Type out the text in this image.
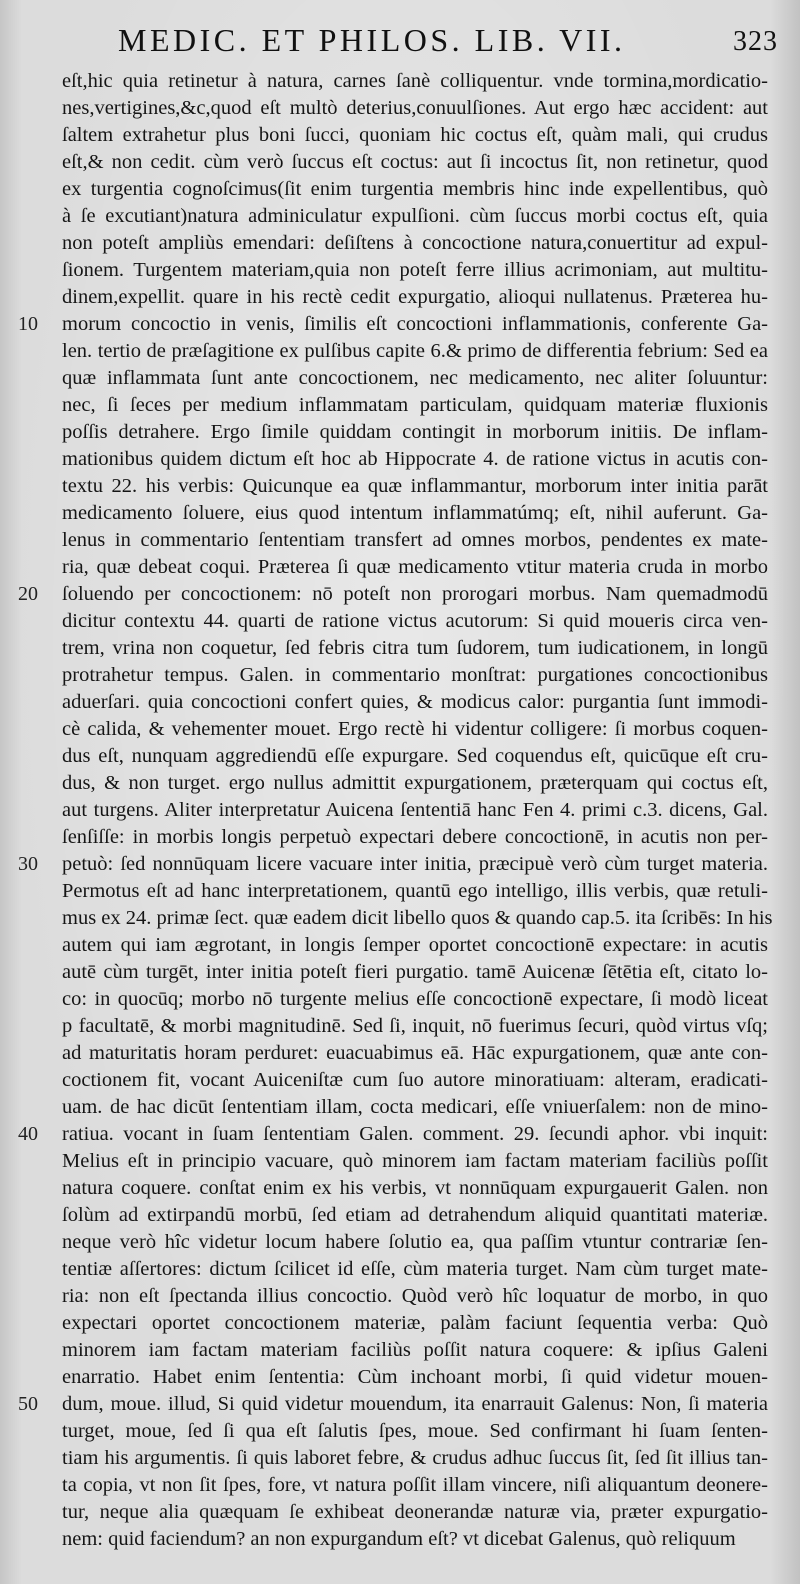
MEDIC. ET PHILOS. LIB. VII.	323
eſt,hic quia retinetur à natura, carnes ſanè colliquentur. vnde tormina,mordicatio-
nes,vertigines,&c,quod eſt multò deterius,conuulſiones. Aut ergo hæc accident: aut
ſaltem extrahetur plus boni ſucci, quoniam hic coctus eſt, quàm mali, qui crudus
eſt,& non cedit. cùm verò ſuccus eſt coctus: aut ſi incoctus ſit, non retinetur, quod
ex turgentia cognoſcimus(ſit enim turgentia membris hinc inde expellentibus, quò
à ſe excutiant)natura adminiculatur expulſioni. cùm ſuccus morbi coctus eſt, quia
non poteſt ampliùs emendari: deſiſtens à concoctione natura,conuertitur ad expul-
ſionem. Turgentem materiam,quia non poteſt ferre illius acrimoniam, aut multitu-
dinem,expellit. quare in his rectè cedit expurgatio, alioqui nullatenus. Præterea hu-
morum concoctio in venis, ſimilis eſt concoctioni inflammationis, conferente Ga-
len. tertio de præſagitione ex pulſibus capite 6.& primo de differentia febrium: Sed ea
quæ inflammata ſunt ante concoctionem, nec medicamento, nec aliter ſoluuntur:
nec, ſi ſeces per medium inflammatam particulam, quidquam materiæ fluxionis
poſſis detrahere. Ergo ſimile quiddam contingit in morborum initiis. De inflam-
mationibus quidem dictum eſt hoc ab Hippocrate 4. de ratione victus in acutis con-
textu 22. his verbis: Quicunque ea quæ inflammantur, morborum inter initia parāt
medicamento ſoluere, eius quod intentum inflammatúmq; eſt, nihil auferunt. Ga-
lenus in commentario ſententiam transfert ad omnes morbos, pendentes ex mate-
ria, quæ debeat coqui. Præterea ſi quæ medicamento vtitur materia cruda in morbo
ſoluendo per concoctionem: nō poteſt non prorogari morbus. Nam quemadmodū
dicitur contextu 44. quarti de ratione victus acutorum: Si quid moueris circa ven-
trem, vrina non coquetur, ſed febris citra tum ſudorem, tum iudicationem, in longū
protrahetur tempus. Galen. in commentario monſtrat: purgationes concoctionibus
aduerſari. quia concoctioni confert quies, & modicus calor: purgantia ſunt immodi-
cè calida, & vehementer mouet. Ergo rectè hi videntur colligere: ſi morbus coquen-
dus eſt, nunquam aggrediendū eſſe expurgare. Sed coquendus eſt, quicūque eſt cru-
dus, & non turget. ergo nullus admittit expurgationem, præterquam qui coctus eſt,
aut turgens. Aliter interpretatur Auicena ſententiā hanc Fen 4. primi c.3. dicens, Gal.
ſenſiſſe: in morbis longis perpetuò expectari debere concoctionē, in acutis non per-
petuò: ſed nonnūquam licere vacuare inter initia, præcipuè verò cùm turget materia.
Permotus eſt ad hanc interpretationem, quantū ego intelligo, illis verbis, quæ retuli-
mus ex 24. primæ ſect. quæ eadem dicit libello quos & quando cap.5. ita ſcribēs: In his
autem qui iam ægrotant, in longis ſemper oportet concoctionē expectare: in acutis
autē cùm turgēt, inter initia poteſt fieri purgatio. tamē Auicenæ ſētētia eſt, citato lo-
co: in quocūq; morbo nō turgente melius eſſe concoctionē expectare, ſi modò liceat
p facultatē, & morbi magnitudinē. Sed ſi, inquit, nō fuerimus ſecuri, quòd virtus vſq;
ad maturitatis horam perduret: euacuabimus eā. Hāc expurgationem, quæ ante con-
coctionem fit, vocant Auiceniſtæ cum ſuo autore minoratiuam: alteram, eradicati-
uam. de hac dicūt ſententiam illam, cocta medicari, eſſe vniuerſalem: non de mino-
ratiua. vocant in ſuam ſententiam Galen. comment. 29. ſecundi aphor. vbi inquit:
Melius eſt in principio vacuare, quò minorem iam factam materiam faciliùs poſſit
natura coquere. conſtat enim ex his verbis, vt nonnūquam expurgauerit Galen. non
ſolùm ad extirpandū morbū, ſed etiam ad detrahendum aliquid quantitati materiæ.
neque verò hîc videtur locum habere ſolutio ea, qua paſſim vtuntur contrariæ ſen-
tentiæ aſſertores: dictum ſcilicet id eſſe, cùm materia turget. Nam cùm turget mate-
ria: non eſt ſpectanda illius concoctio. Quòd verò hîc loquatur de morbo, in quo
expectari oportet concoctionem materiæ, palàm faciunt ſequentia verba: Quò
minorem iam factam materiam faciliùs poſſit natura coquere: & ipſius Galeni
enarratio. Habet enim ſententia: Cùm inchoant morbi, ſi quid videtur mouen-
dum, moue. illud, Si quid videtur mouendum, ita enarrauit Galenus: Non, ſi materia
turget, moue, ſed ſi qua eſt ſalutis ſpes, moue. Sed confirmant hi ſuam ſenten-
tiam his argumentis. ſi quis laboret febre, & crudus adhuc ſuccus ſit, ſed ſit illius tan-
ta copia, vt non ſit ſpes, fore, vt natura poſſit illam vincere, niſi aliquantum deonere-
tur, neque alia quæquam ſe exhibeat deonerandæ naturæ via, præter expurgatio-
nem: quid faciendum? an non expurgandum eſt? vt dicebat Galenus, quò reliquum
10
20
30
40
50
